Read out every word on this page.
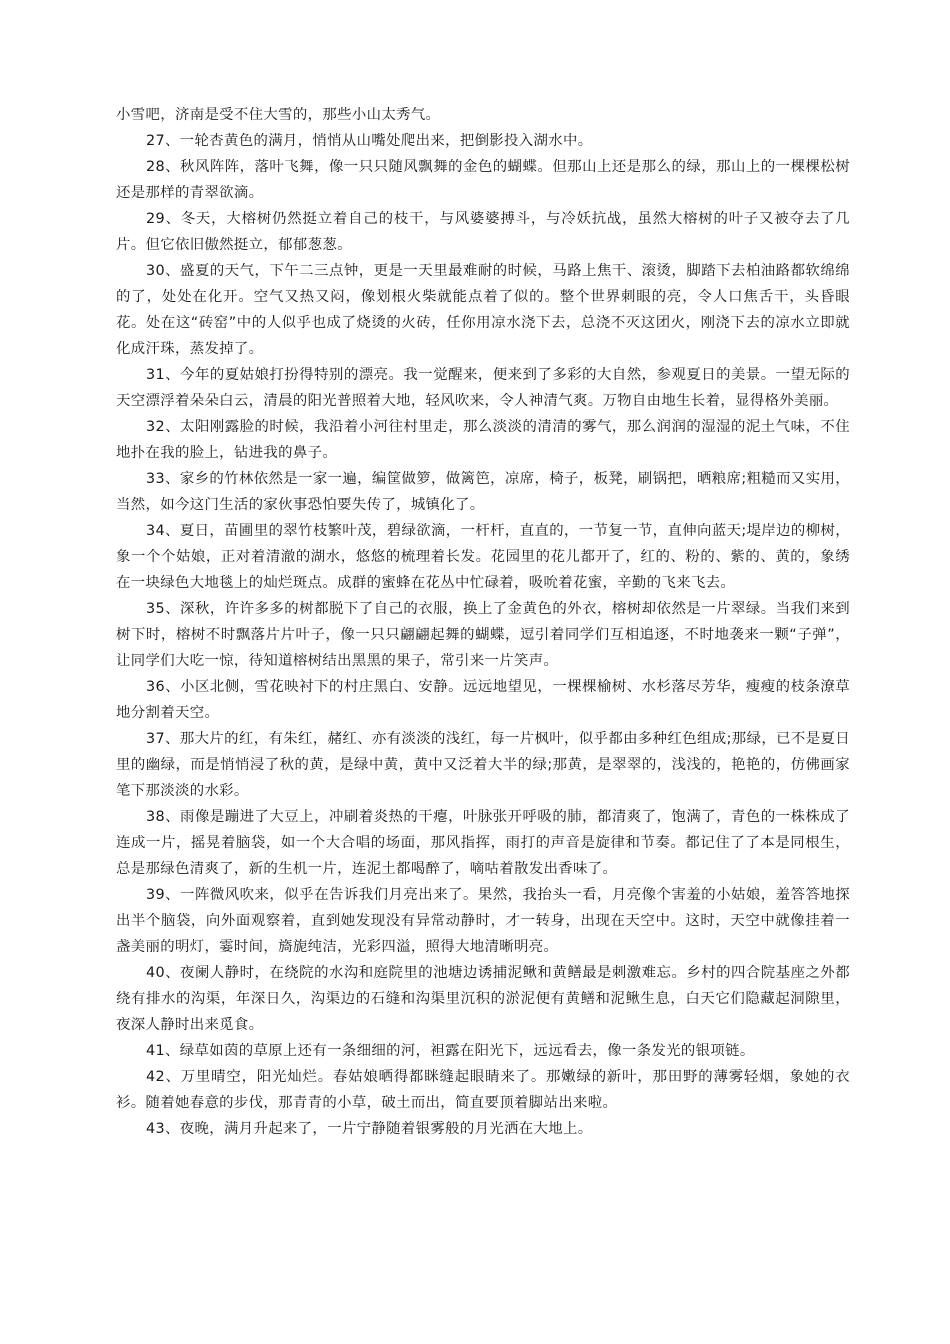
小雪吧，济南是受不住大雪的，那些小山太秀气。

27、一轮杏黄色的满月，悄悄从山嘴处爬出来，把倒影投入湖水中。

28、秋风阵阵，落叶飞舞，像一只只随风飘舞的金色的蝴蝶。但那山上还是那么的绿，那山上的一棵棵松树还是那样的青翠欲滴。

29、冬天，大榕树仍然挺立着自己的枝干，与风婆婆搏斗，与冷妖抗战，虽然大榕树的叶子又被夺去了几片。但它依旧傲然挺立，郁郁葱葱。

30、盛夏的天气，下午二三点钟，更是一天里最难耐的时候，马路上焦干、滚烫，脚踏下去柏油路都软绵绵的了，处处在化开。空气又热又闷，像划根火柴就能点着了似的。整个世界刺眼的亮，令人口焦舌干，头昏眼花。处在这“砖窑”中的人似乎也成了烧烫的火砖，任你用凉水浇下去，总浇不灭这团火，刚浇下去的凉水立即就化成汗珠，蒸发掉了。

31、今年的夏姑娘打扮得特别的漂亮。我一觉醒来，便来到了多彩的大自然，参观夏日的美景。一望无际的天空漂浮着朵朵白云，清晨的阳光普照着大地，轻风吹来，令人神清气爽。万物自由地生长着，显得格外美丽。

32、太阳刚露脸的时候，我沿着小河往村里走，那么淡淡的清清的雾气，那么润润的湿湿的泥土气味，不住地扑在我的脸上，钻进我的鼻子。

33、家乡的竹林依然是一家一遍，编筐做箩，做篱笆，凉席，椅子，板凳，刷锅把，晒粮席;粗糙而又实用，当然，如今这门生活的家伙事恐怕要失传了，城镇化了。

34、夏日，苗圃里的翠竹枝繁叶茂，碧绿欲滴，一杆杆，直直的，一节复一节，直伸向蓝天;堤岸边的柳树，象一个个姑娘，正对着清澈的湖水，悠悠的梳理着长发。花园里的花儿都开了，红的、粉的、紫的、黄的，象绣在一块绿色大地毯上的灿烂斑点。成群的蜜蜂在花丛中忙碌着，吸吮着花蜜，辛勤的飞来飞去。

35、深秋，许许多多的树都脱下了自己的衣服，换上了金黄色的外衣，榕树却依然是一片翠绿。当我们来到树下时，榕树不时飘落片片叶子，像一只只翩翩起舞的蝴蝶，逗引着同学们互相追逐，不时地袭来一颗“子弹”，让同学们大吃一惊，待知道榕树结出黑黑的果子，常引来一片笑声。

36、小区北侧，雪花映衬下的村庄黑白、安静。远远地望见，一棵棵榆树、水杉落尽芳华，瘦瘦的枝条潦草地分割着天空。

37、那大片的红，有朱红，赭红、亦有淡淡的浅红，每一片枫叶，似乎都由多种红色组成;那绿，已不是夏日里的幽绿，而是悄悄浸了秋的黄，是绿中黄，黄中又泛着大半的绿;那黄，是翠翠的，浅浅的，艳艳的，仿佛画家笔下那淡淡的水彩。

38、雨像是蹦进了大豆上，冲刷着炎热的干瘪，叶脉张开呼吸的肺，都清爽了，饱满了，青色的一株株成了连成一片，摇晃着脑袋，如一个大合唱的场面，那风指挥，雨打的声音是旋律和节奏。都记住了了本是同根生，总是那绿色清爽了，新的生机一片，连泥土都喝醉了，嘀咕着散发出香味了。

39、一阵微风吹来，似乎在告诉我们月亮出来了。果然，我抬头一看，月亮像个害羞的小姑娘，羞答答地探出半个脑袋，向外面观察着，直到她发现没有异常动静时，才一转身，出现在天空中。这时，天空中就像挂着一盏美丽的明灯，霎时间，旖旎纯洁，光彩四溢，照得大地清晰明亮。

40、夜阑人静时，在绕院的水沟和庭院里的池塘边诱捕泥鳅和黄鳝最是刺激难忘。乡村的四合院基座之外都绕有排水的沟渠，年深日久，沟渠边的石缝和沟渠里沉积的淤泥便有黄鳝和泥鳅生息，白天它们隐藏起洞隙里，夜深人静时出来觅食。

41、绿草如茵的草原上还有一条细细的河，袒露在阳光下，远远看去，像一条发光的银项链。

42、万里晴空，阳光灿烂。春姑娘晒得都眯缝起眼睛来了。那嫩绿的新叶，那田野的薄雾轻烟，象她的衣衫。随着她春意的步伐，那青青的小草，破土而出，简直要顶着脚站出来啦。

43、夜晚，满月升起来了，一片宁静随着银雾般的月光洒在大地上。
